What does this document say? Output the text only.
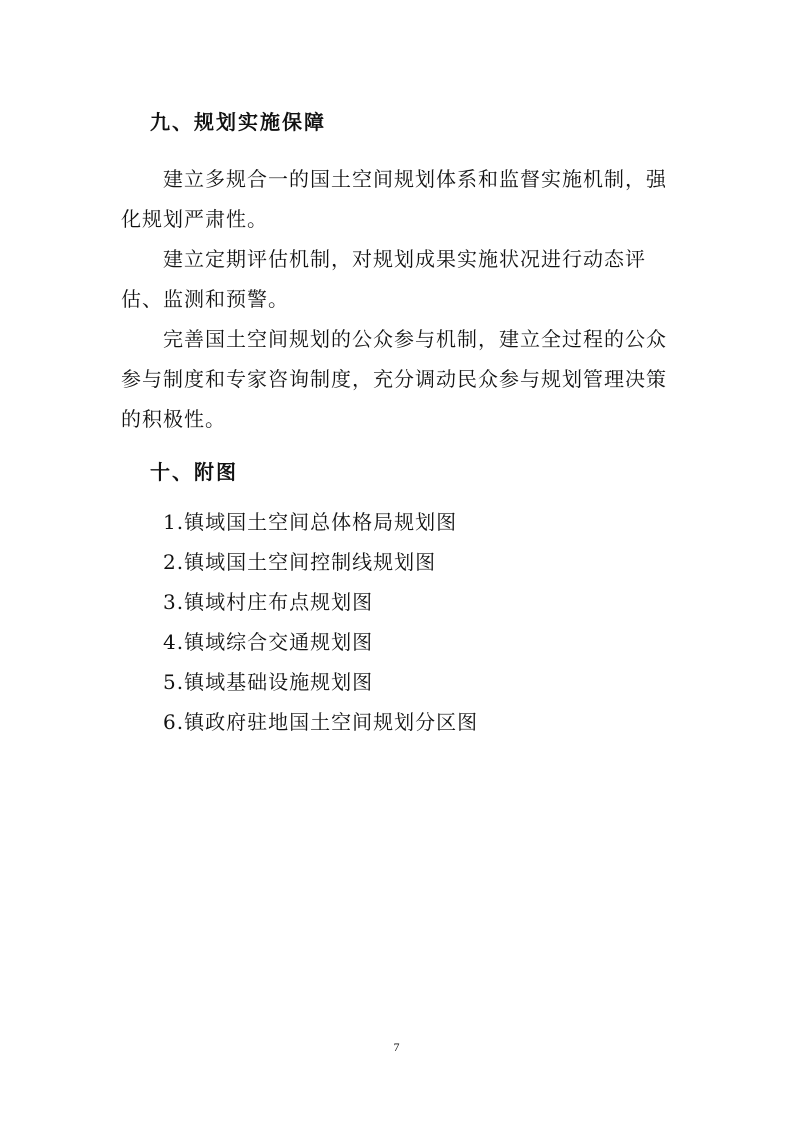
九、规划实施保障

建立多规合一的国土空间规划体系和监督实施机制，强化规划严肃性。

建立定期评估机制，对规划成果实施状况进行动态评估、监测和预警。

完善国土空间规划的公众参与机制，建立全过程的公众参与制度和专家咨询制度，充分调动民众参与规划管理决策的积极性。

十、附图
1.镇域国土空间总体格局规划图
2.镇域国土空间控制线规划图
3.镇域村庄布点规划图
4.镇域综合交通规划图
5.镇域基础设施规划图
6.镇政府驻地国土空间规划分区图
7
